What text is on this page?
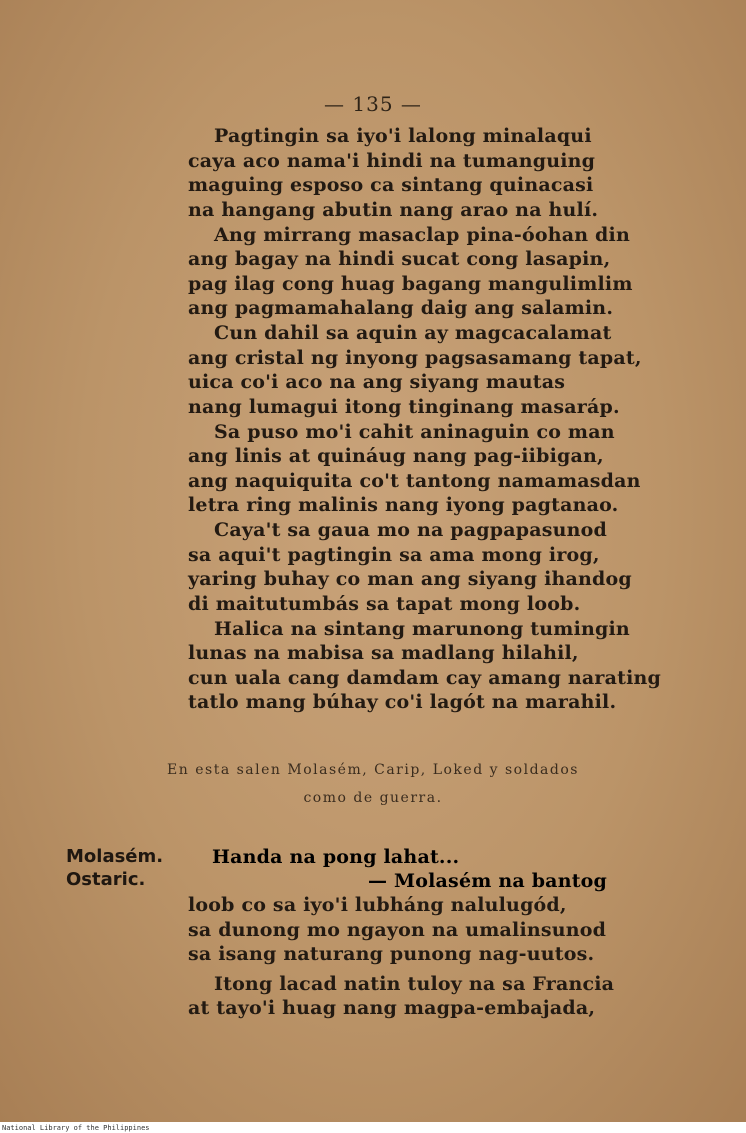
— 135 —
Pagtingin sa iyo'i lalong minalaqui
caya aco nama'i hindi na tumanguing
maguing esposo ca sintang quinacasi
na hangang abutin nang arao na hulí.
Ang mirrang masaclap pina-óohan din
ang bagay na hindi sucat cong lasapin,
pag ilag cong huag bagang mangulimlim
ang pagmamahalang daig ang salamin.
Cun dahil sa aquin ay magcacalamat
ang cristal ng inyong pagsasamang tapat,
uica co'i aco na ang siyang mautas
nang lumagui itong tinginang masaráp.
Sa puso mo'i cahit aninaguin co man
ang linis at quináug nang pag-iibigan,
ang naquiquita co't tantong namamasdan
letra ring malinis nang iyong pagtanao.
Caya't sa gaua mo na pagpapasunod
sa aqui't pagtingin sa ama mong irog,
yaring buhay co man ang siyang ihandog
di maitutumbás sa tapat mong loob.
Halica na sintang marunong tumingin
lunas na mabisa sa madlang hilahil,
cun uala cang damdam cay amang narating
tatlo mang búhay co'i lagót na marahil.
En esta salen Molasém, Carip, Loked y soldados
como de guerra.
Molasém.
Ostaric.
Handa na pong lahat...
— Molasém na bantog
loob co sa iyo'i lubháng nalulugód,
sa dunong mo ngayon na umalinsunod
sa isang naturang punong nag-uutos.
Itong lacad natin tuloy na sa Francia
at tayo'i huag nang magpa-embajada,
National Library of the Philippines
